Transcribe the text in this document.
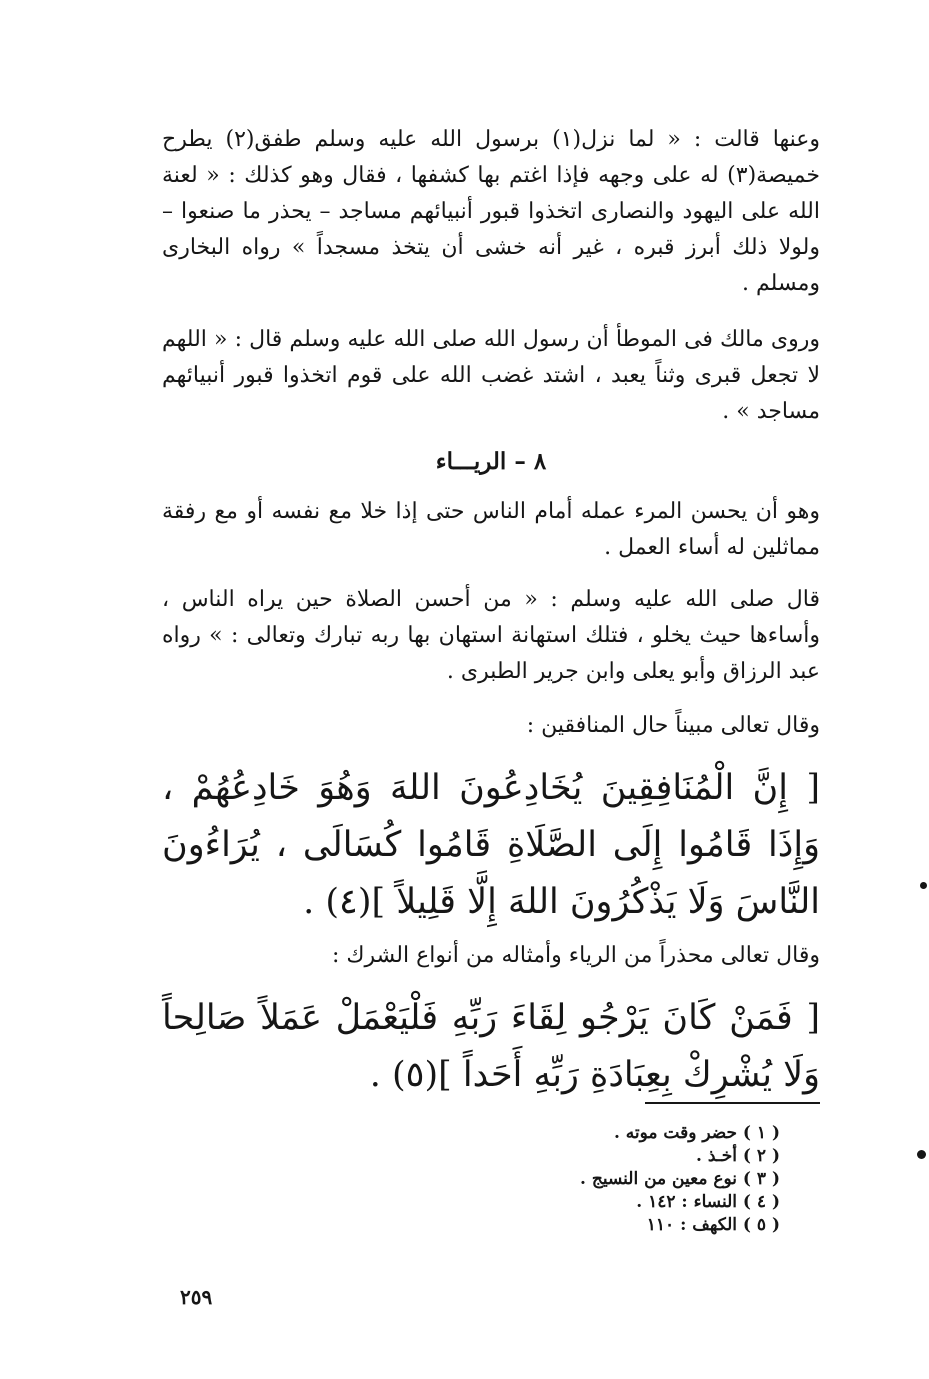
وعنها قالت : « لما نزل(١) برسول الله عليه وسلم طفق(٢) يطرح خميصة(٣) له على وجهه فإذا اغتم بها كشفها ، فقال وهو كذلك : « لعنة الله على اليهود والنصارى اتخذوا قبور أنبيائهم مساجد – يحذر ما صنعوا – ولولا ذلك أبرز قبره ، غير أنه خشى أن يتخذ مسجداً » رواه البخارى ومسلم .

وروى مالك فى الموطأ أن رسول الله صلى الله عليه وسلم قال : « اللهم لا تجعل قبرى وثناً يعبد ، اشتد غضب الله على قوم اتخذوا قبور أنبيائهم مساجد » .

٨ – الريـــاء

وهو أن يحسن المرء عمله أمام الناس حتى إذا خلا مع نفسه أو مع رفقة مماثلين له أساء العمل .

قال صلى الله عليه وسلم : « من أحسن الصلاة حين يراه الناس ، وأساءها حيث يخلو ، فتلك استهانة استهان بها ربه تبارك وتعالى : » رواه عبد الرزاق وأبو يعلى وابن جرير الطبرى .

وقال تعالى مبيناً حال المنافقين :

[ إِنَّ الْمُنَافِقِينَ يُخَادِعُونَ اللهَ وَهُوَ خَادِعُهُمْ ، وَإِذَا قَامُوا إِلَى الصَّلَاةِ قَامُوا كُسَالَى ، يُرَاءُونَ النَّاسَ وَلَا يَذْكُرُونَ اللهَ إِلَّا قَلِيلاً ](٤) .

وقال تعالى محذراً من الرياء وأمثاله من أنواع الشرك :

[ فَمَنْ كَانَ يَرْجُو لِقَاءَ رَبِّهِ فَلْيَعْمَلْ عَمَلاً صَالِحاً وَلَا يُشْرِكْ بِعِبَادَةِ رَبِّهِ أَحَداً ](٥) .

( ١ ) حضر وقت موته .
( ٢ ) أخـذ .
( ٣ ) نوع معين من النسيج .
( ٤ ) النساء : ١٤٢ .
( ٥ ) الكهف : ١١٠
٢٥٩
